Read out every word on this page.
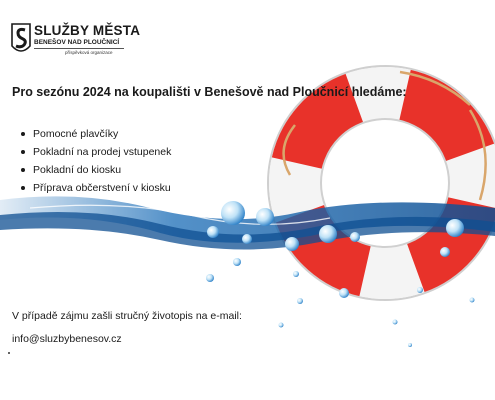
SLUŽBY MĚSTA
BENEŠOV NAD PLOUČNICÍ
příspěvková organizace
Pro sezónu 2024 na koupališti v Benešově nad Ploučnicí hledáme:
Pomocné plavčíky
Pokladní na prodej vstupenek
Pokladní do kiosku
Příprava občerstvení v kiosku
V případě zájmu zašli stručný životopis na e-mail:
info@sluzbybenesov.cz
